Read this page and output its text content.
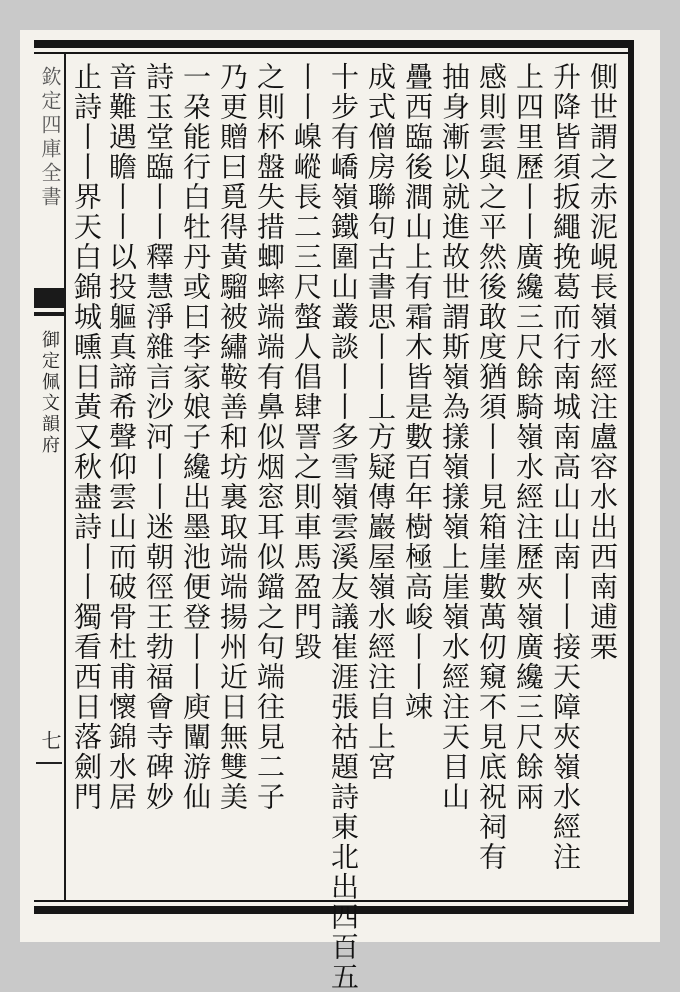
欽定四庫全書
御定佩文韻府
七
側世謂之赤泥峴長嶺水經注盧容水出西南逋栗
升降皆須扳繩挽葛而行南城南高山山南丨丨接天障夾嶺水經注
上四里歷丨丨廣纔三尺餘騎嶺水經注歷夾嶺廣纔三尺餘兩
感則雲與之平然後敢度猶須丨丨見箱崖數萬仞窺不見底祝祠有
抽身漸以就進故世謂斯嶺為㨾嶺㨾嶺上崖嶺水經注天目山
疊西臨後澗山上有霜木皆是數百年樹極高峻丨丨竦
成式僧房聯句古書思丨丨丄方疑傳巖屋嶺水經注自上宮
十步有嶠嶺鐵圍山叢談丨丨多雪嶺雲溪友議崔涯張祜題詩東北出四百五
丨丨嵲嵷長二三尺螫人倡肆詈之則車馬盈門毀
之則杯盤失措蝍蟀端端有鼻似烟窓耳似鐺之句端往見二子
乃更贈曰覓得黃騮被繡鞍善和坊裏取端端揚州近日無雙美
一朶能行白牡丹或曰李家娘子纔出墨池便登丨丨庾闡游仙
詩玉堂臨丨丨釋慧淨雜言沙河丨丨迷朝徑王勃福會寺碑妙
音難遇瞻丨丨以投軀真諦希聲仰雲山而破骨杜甫懷錦水居
止詩丨丨界天白錦城曛日黃又秋盡詩丨丨獨看西日落劍門
